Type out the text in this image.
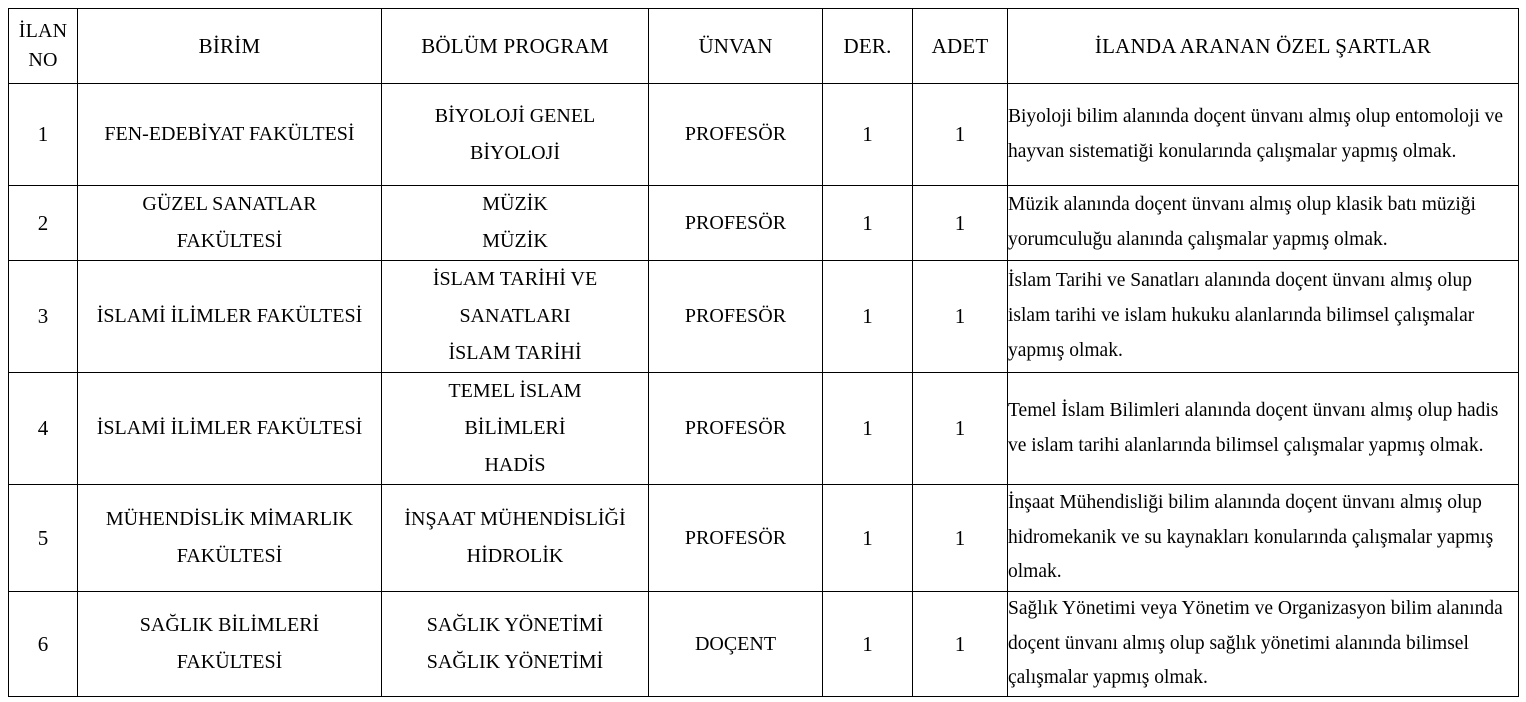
İLAN
NO	BİRİM	BÖLÜM PROGRAM	ÜNVAN	DER.	ADET	İLANDA ARANAN ÖZEL ŞARTLAR
1	FEN-EDEBİYAT FAKÜLTESİ	BİYOLOJİ GENEL
BİYOLOJİ	PROFESÖR	1	1	Biyoloji bilim alanında doçent ünvanı almış olup entomoloji ve hayvan sistematiği konularında çalışmalar yapmış olmak.
2	GÜZEL SANATLAR
FAKÜLTESİ	MÜZİK
MÜZİK	PROFESÖR	1	1	Müzik alanında doçent ünvanı almış olup klasik batı müziği yorumculuğu alanında çalışmalar yapmış olmak.
3	İSLAMİ İLİMLER FAKÜLTESİ	İSLAM TARİHİ VE
SANATLARI
İSLAM TARİHİ	PROFESÖR	1	1	İslam Tarihi ve Sanatları alanında doçent ünvanı almış olup islam tarihi ve islam hukuku alanlarında bilimsel çalışmalar yapmış olmak.
4	İSLAMİ İLİMLER FAKÜLTESİ	TEMEL İSLAM
BİLİMLERİ
HADİS	PROFESÖR	1	1	Temel İslam Bilimleri alanında doçent ünvanı almış olup hadis ve islam tarihi alanlarında bilimsel çalışmalar yapmış olmak.
5	MÜHENDİSLİK MİMARLIK
FAKÜLTESİ	İNŞAAT MÜHENDİSLİĞİ
HİDROLİK	PROFESÖR	1	1	İnşaat Mühendisliği bilim alanında doçent ünvanı almış olup hidromekanik ve su kaynakları konularında çalışmalar yapmış olmak.
6	SAĞLIK BİLİMLERİ
FAKÜLTESİ	SAĞLIK YÖNETİMİ
SAĞLIK YÖNETİMİ	DOÇENT	1	1	Sağlık Yönetimi veya Yönetim ve Organizasyon bilim alanında doçent ünvanı almış olup sağlık yönetimi alanında bilimsel çalışmalar yapmış olmak.
